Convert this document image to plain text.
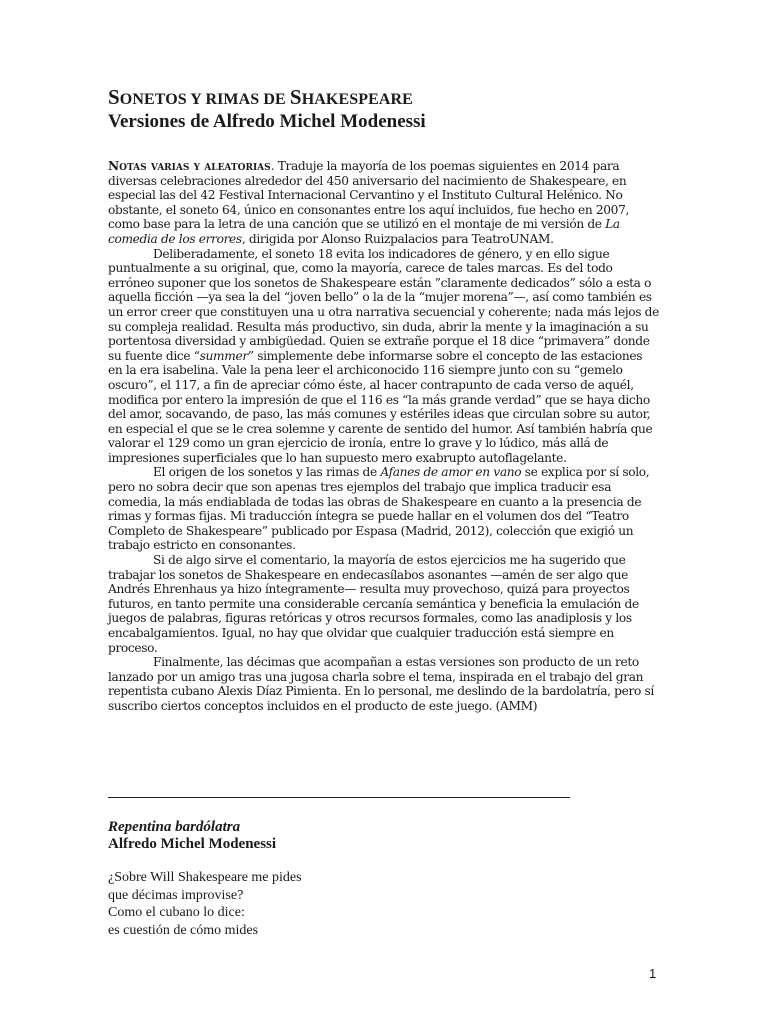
SONETOS Y RIMAS DE SHAKESPEARE
Versiones de Alfredo Michel Modenessi

Notas varias y aleatorias. Traduje la mayoría de los poemas siguientes en 2014 para diversas celebraciones alrededor del 450 aniversario del nacimiento de Shakespeare, en especial las del 42 Festival Internacional Cervantino y el Instituto Cultural Helénico. No obstante, el soneto 64, único en consonantes entre los aquí incluidos, fue hecho en 2007, como base para la letra de una canción que se utilizó en el montaje de mi versión de La comedia de los errores, dirigida por Alonso Ruizpalacios para TeatroUNAM.

Deliberadamente, el soneto 18 evita los indicadores de género, y en ello sigue puntualmente a su original, que, como la mayoría, carece de tales marcas. Es del todo erróneo suponer que los sonetos de Shakespeare están ”claramente dedicados” sólo a esta o aquella ficción —ya sea la del “joven bello” o la de la “mujer morena”—, así como también es un error creer que constituyen una u otra narrativa secuencial y coherente; nada más lejos de su compleja realidad. Resulta más productivo, sin duda, abrir la mente y la imaginación a su portentosa diversidad y ambigüedad. Quien se extrañe porque el 18 dice “primavera” donde su fuente dice “summer” simplemente debe informarse sobre el concepto de las estaciones en la era isabelina. Vale la pena leer el archiconocido 116 siempre junto con su “gemelo oscuro”, el 117, a fin de apreciar cómo éste, al hacer contrapunto de cada verso de aquél, modifica por entero la impresión de que el 116 es “la más grande verdad” que se haya dicho del amor, socavando, de paso, las más comunes y estériles ideas que circulan sobre su autor, en especial el que se le crea solemne y carente de sentido del humor. Así también habría que valorar el 129 como un gran ejercicio de ironía, entre lo grave y lo lúdico, más allá de impresiones superficiales que lo han supuesto mero exabrupto autoflagelante.

El origen de los sonetos y las rimas de Afanes de amor en vano se explica por sí solo, pero no sobra decir que son apenas tres ejemplos del trabajo que implica traducir esa comedia, la más endiablada de todas las obras de Shakespeare en cuanto a la presencia de rimas y formas fijas. Mi traducción íntegra se puede hallar en el volumen dos del “Teatro Completo de Shakespeare” publicado por Espasa (Madrid, 2012), colección que exigió un trabajo estricto en consonantes.

Si de algo sirve el comentario, la mayoría de estos ejercicios me ha sugerido que trabajar los sonetos de Shakespeare en endecasílabos asonantes —amén de ser algo que Andrés Ehrenhaus ya hizo íntegramente— resulta muy provechoso, quizá para proyectos futuros, en tanto permite una considerable cercanía semántica y beneficia la emulación de juegos de palabras, figuras retóricas y otros recursos formales, como las anadiplosis y los encabalgamientos. Igual, no hay que olvidar que cualquier traducción está siempre en proceso.

Finalmente, las décimas que acompañan a estas versiones son producto de un reto lanzado por un amigo tras una jugosa charla sobre el tema, inspirada en el trabajo del gran repentista cubano Alexis Díaz Pimienta. En lo personal, me deslindo de la bardolatría, pero sí suscribo ciertos conceptos incluidos en el producto de este juego. (AMM)

Repentina bardólatra
Alfredo Michel Modenessi
¿Sobre Will Shakespeare me pides
que décimas improvise?
Como el cubano lo dice:
es cuestión de cómo mides
1
